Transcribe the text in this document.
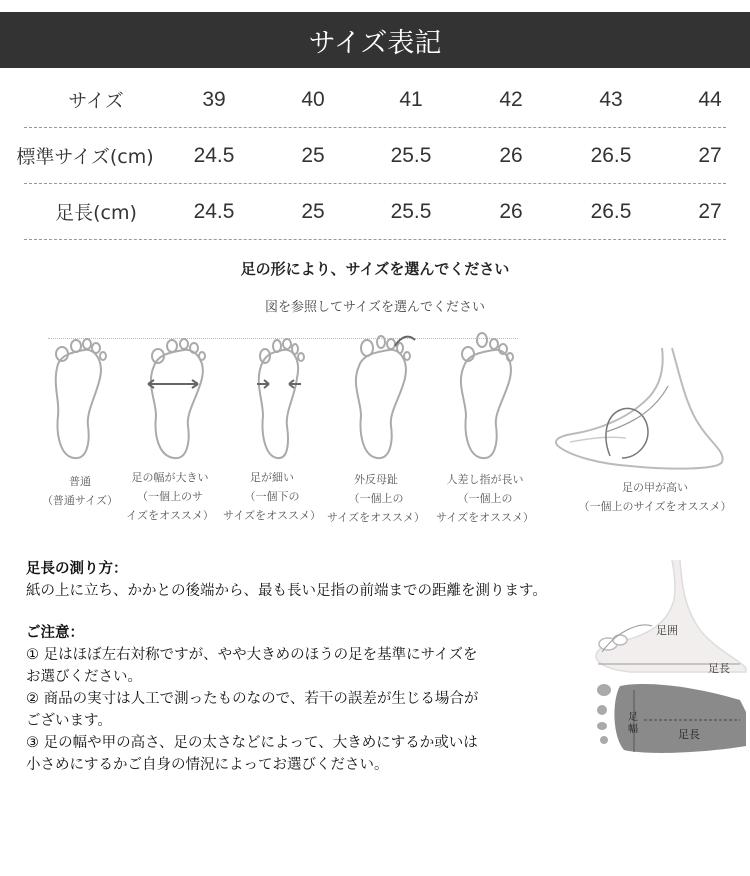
サイズ表記
サイズ	39	40	41	42	43	44
標準サイズ(cm)	24.5	25	25.5	26	26.5	27
足長(cm)	24.5	25	25.5	26	26.5	27
足の形により、サイズを選んでください
図を参照してサイズを選んでください
普通
（普通サイズ）
足の幅が大きい
（一個上のサ
イズをオススメ）
足が細い
（一個下の
サイズをオススメ）
外反母趾
（一個上の
サイズをオススメ）
人差し指が長い
（一個上の
サイズをオススメ）
足の甲が高い
（一個上のサイズをオススメ）
足長の測り方：
紙の上に立ち、かかとの後端から、最も長い足指の前端までの距離を測ります。
ご注意：
① 足はほぼ左右対称ですが、やや大きめのほうの足を基準にサイズを
お選びください。
② 商品の実寸は人工で測ったものなので、若干の誤差が生じる場合が
ございます。
③ 足の幅や甲の高さ、足の太さなどによって、大きめにするか或いは
小さめにするかご自身の情況によってお選びください。
足囲
足長
足
幅	足長
